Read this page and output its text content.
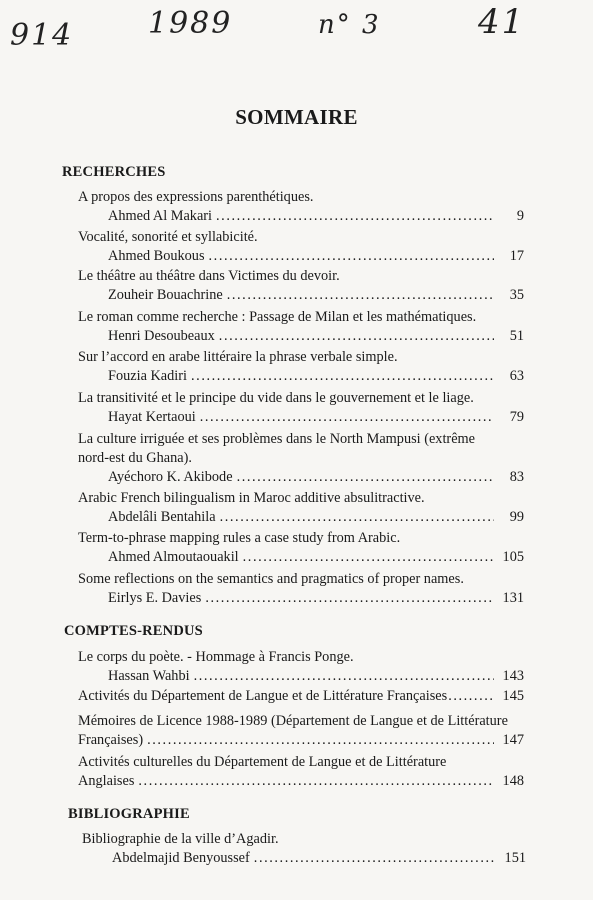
914 1989	n° 3	41
SOMMAIRE
RECHERCHES
A propos des expressions parenthétiques.
Ahmed Al Makari . . .	9
Vocalité, sonorité et syllabicité.
Ahmed Boukous . . .	17
Le théâtre au théâtre dans Victimes du devoir.
Zouheir Bouachrine . . .	35
Le roman comme recherche : Passage de Milan et les mathématiques.
Henri Desoubeaux . . .	51
Sur l’accord en arabe littéraire la phrase verbale simple.
Fouzia Kadiri . . .	63
La transitivité et le principe du vide dans le gouvernement et le liage.
Hayat Kertaoui . . .	79
La culture irriguée et ses problèmes dans le North Mampusi (extrême
nord-est du Ghana).
Ayéchoro K. Akibode . . .	83
Arabic French bilingualism in Maroc additive absulitractive.
Abdelâli Bentahila . . .	99
Term-to-phrase mapping rules a case study from Arabic.
Ahmed Almoutaouakil . . .	105
Some reflections on the semantics and pragmatics of proper names.
Eirlys E. Davies . . .	131
COMPTES-RENDUS
Le corps du poète. - Hommage à Francis Ponge.
Hassan Wahbi . . .	143
Activités du Département de Langue et de Littérature Françaises . . .	145
Mémoires de Licence 1988-1989 (Département de Langue et de Littérature
Françaises) . . .	147
Activités culturelles du Département de Langue et de Littérature
Anglaises . . .	148
BIBLIOGRAPHIE
Bibliographie de la ville d’Agadir.
Abdelmajid Benyoussef . . .	151
